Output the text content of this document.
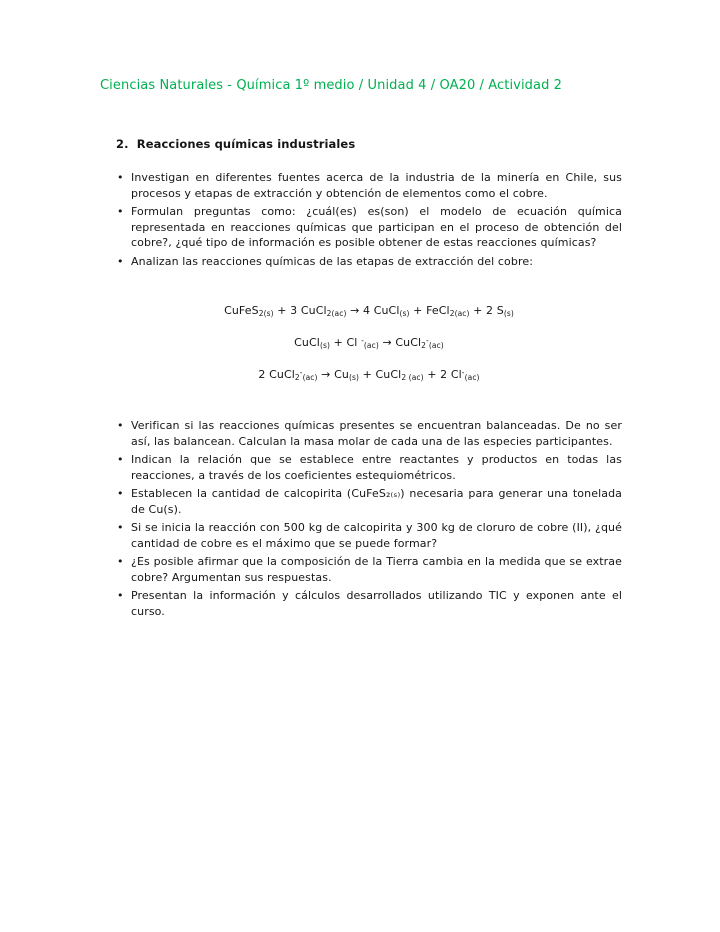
Ciencias Naturales - Química 1º medio / Unidad 4 / OA20 / Actividad 2
2.  Reacciones químicas industriales
• Investigan en diferentes fuentes acerca de la industria de la minería en Chile, sus procesos y etapas de extracción y obtención de elementos como el cobre.
• Formulan preguntas como: ¿cuál(es) es(son) el modelo de ecuación química representada en reacciones químicas que participan en el proceso de obtención del cobre?, ¿qué tipo de información es posible obtener de estas reacciones químicas?
• Analizan las reacciones químicas de las etapas de extracción del cobre:
CuFeS$_{2(s)}$ + 3 CuCl$_{2(ac)}$ → 4 CuCl$_{(s)}$ + FeCl$_{2(ac)}$ + 2 $S_{(s)}$
CuCl$_{(s)}$ + Cl -$_{(ac)}$ → CuCl$_2$-$_{(ac)}$
2 CuCl$_2$-$_{(ac)}$ → $Cu_{(s)}$ + CuCl$_{2 (ac)}$ + 2 $Cl^-_{(ac)}$
• Verifican si las reacciones químicas presentes se encuentran balanceadas. De no ser así, las balancean. Calculan la masa molar de cada una de las especies participantes.
• Indican la relación que se establece entre reactantes y productos en todas las reacciones, a través de los coeficientes estequiométricos.
• Establecen la cantidad de calcopirita (CuFeS₂₍ₛ₎) necesaria para generar una tonelada de Cu(s).
• Si se inicia la reacción con 500 kg de calcopirita y 300 kg de cloruro de cobre (II), ¿qué cantidad de cobre es el máximo que se puede formar?
• ¿Es posible afirmar que la composición de la Tierra cambia en la medida que se extrae cobre? Argumentan sus respuestas.
• Presentan la información y cálculos desarrollados utilizando TIC y exponen ante el curso.
